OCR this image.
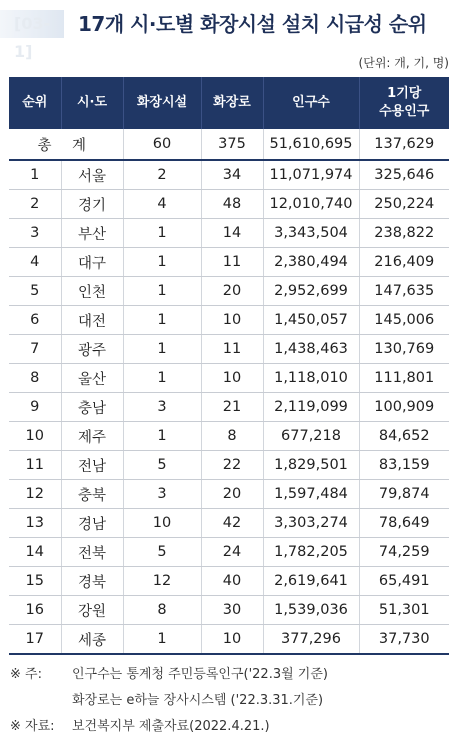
[03-1]
17개 시·도별 화장시설 설치 시급성 순위
(단위: 개, 기, 명)
순위	시·도	화장시설	화장로	인구수	1기당
수용인구
총 계		60	375	51,610,695	137,629
1	서울	2	34	11,071,974	325,646
2	경기	4	48	12,010,740	250,224
3	부산	1	14	3,343,504	238,822
4	대구	1	11	2,380,494	216,409
5	인천	1	20	2,952,699	147,635
6	대전	1	10	1,450,057	145,006
7	광주	1	11	1,438,463	130,769
8	울산	1	10	1,118,010	111,801
9	충남	3	21	2,119,099	100,909
10	제주	1	8	677,218	84,652
11	전남	5	22	1,829,501	83,159
12	충북	3	20	1,597,484	79,874
13	경남	10	42	3,303,274	78,649
14	전북	5	24	1,782,205	74,259
15	경북	12	40	2,619,641	65,491
16	강원	8	30	1,539,036	51,301
17	세종	1	10	377,296	37,730
※ 주:	인구수는 통계청 주민등록인구('22.3월 기준)
화장로는 e하늘 장사시스템 ('22.3.31.기준)
※ 자료:	보건복지부 제출자료(2022.4.21.)
